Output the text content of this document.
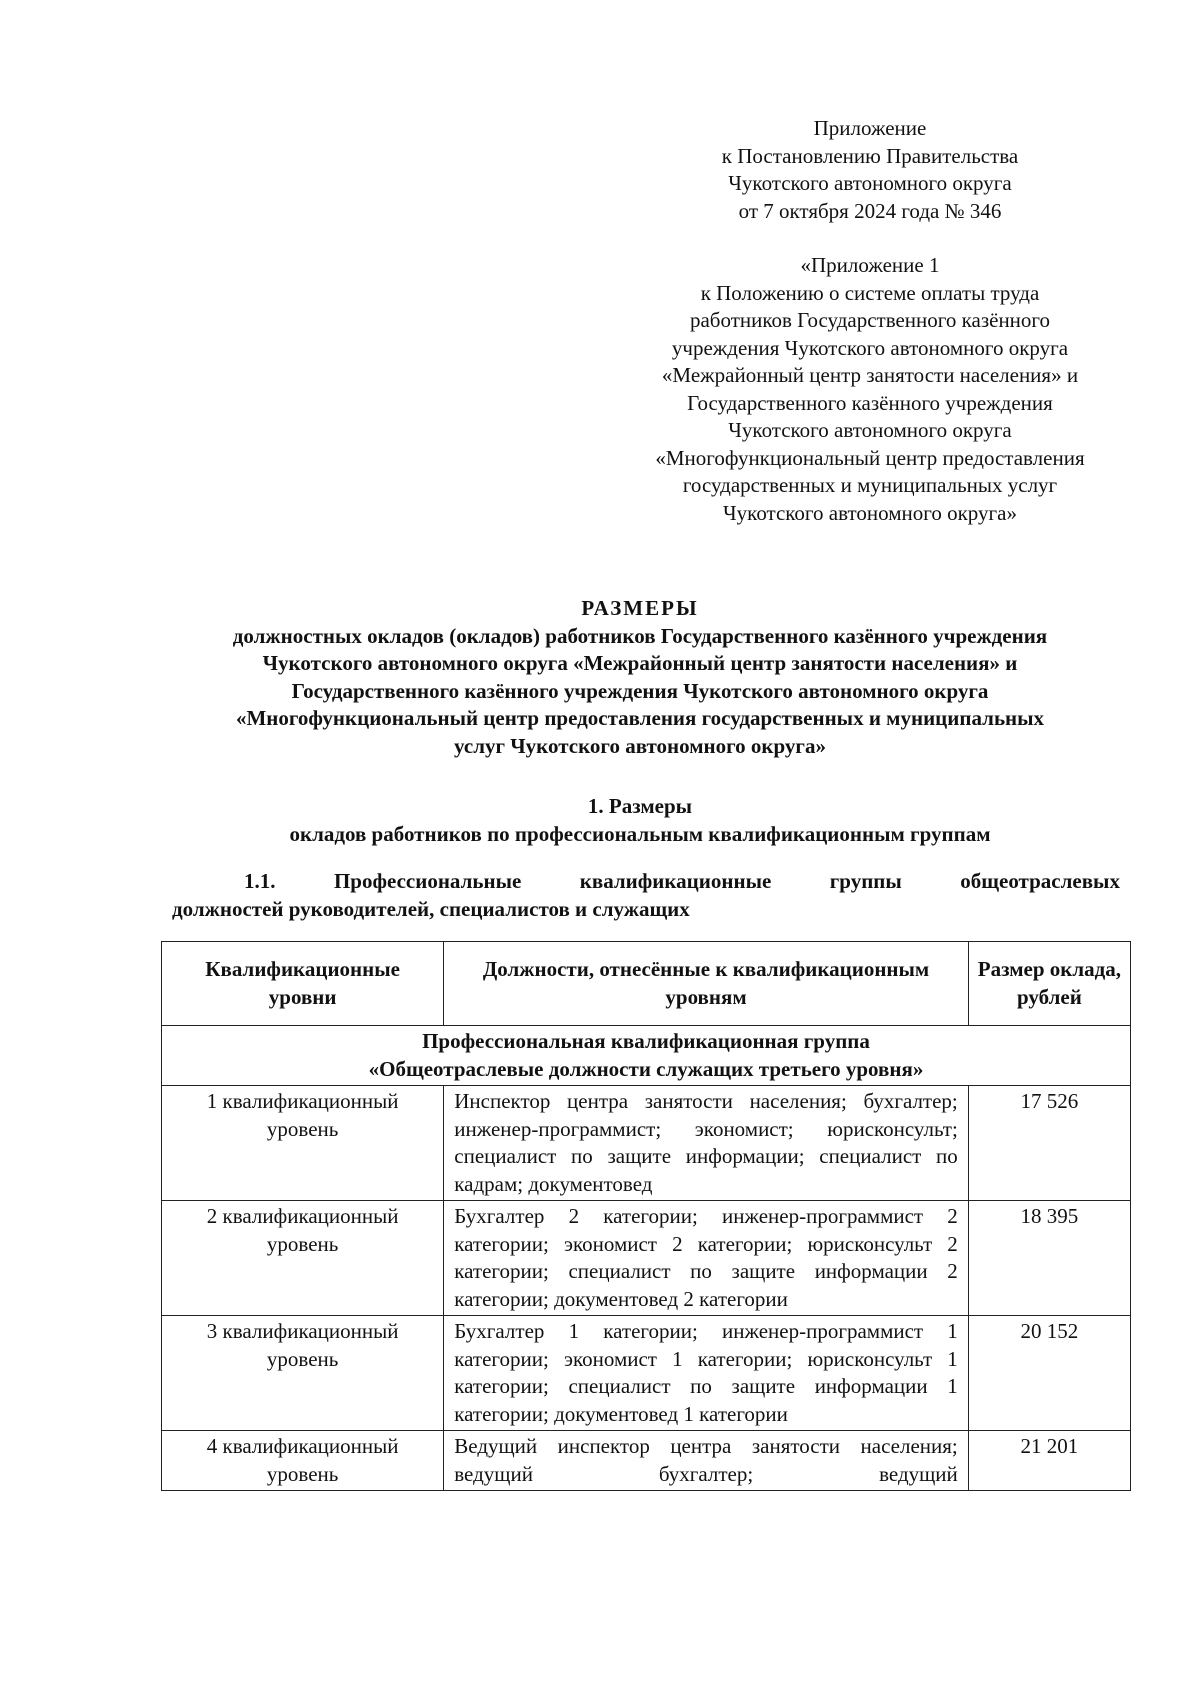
Приложение
к Постановлению Правительства
Чукотского автономного округа
от 7 октября 2024 года № 346
«Приложение 1
к Положению о системе оплаты труда
работников Государственного казённого
учреждения Чукотского автономного округа
«Межрайонный центр занятости населения» и
Государственного казённого учреждения
Чукотского автономного округа
«Многофункциональный центр предоставления
государственных и муниципальных услуг
Чукотского автономного округа»
РАЗМЕРЫ
должностных окладов (окладов) работников Государственного казённого учреждения
Чукотского автономного округа «Межрайонный центр занятости населения» и
Государственного казённого учреждения Чукотского автономного округа
«Многофункциональный центр предоставления государственных и муниципальных
услуг Чукотского автономного округа»
1. Размеры
окладов работников по профессиональным квалификационным группам
1.1.	Профессиональные	квалификационные	группы	общеотраслевых
должностей руководителей, специалистов и служащих
Квалификационные уровни	Должности, отнесённые к квалификационным уровням	Размер оклада, рублей

Профессиональная квалификационная группа
«Общеотраслевые должности служащих третьего уровня»		

1 квалификационный уровень	Инспектор центра занятости населения; бухгалтер; инженер-программист; экономист; юрисконсульт; специалист по защите информации; специалист по кадрам; документовед	17 526
2 квалификационный уровень	Бухгалтер 2 категории; инженер-программист 2 категории; экономист 2 категории; юрисконсульт 2 категории; специалист по защите информации 2 категории; документовед 2 категории	18 395
3 квалификационный уровень	Бухгалтер 1 категории; инженер-программист 1 категории; экономист 1 категории; юрисконсульт 1 категории; специалист по защите информации 1 категории; документовед 1 категории	20 152
4 квалификационный уровень	Ведущий инспектор центра занятости населения; ведущий бухгалтер; ведущий	21 201
